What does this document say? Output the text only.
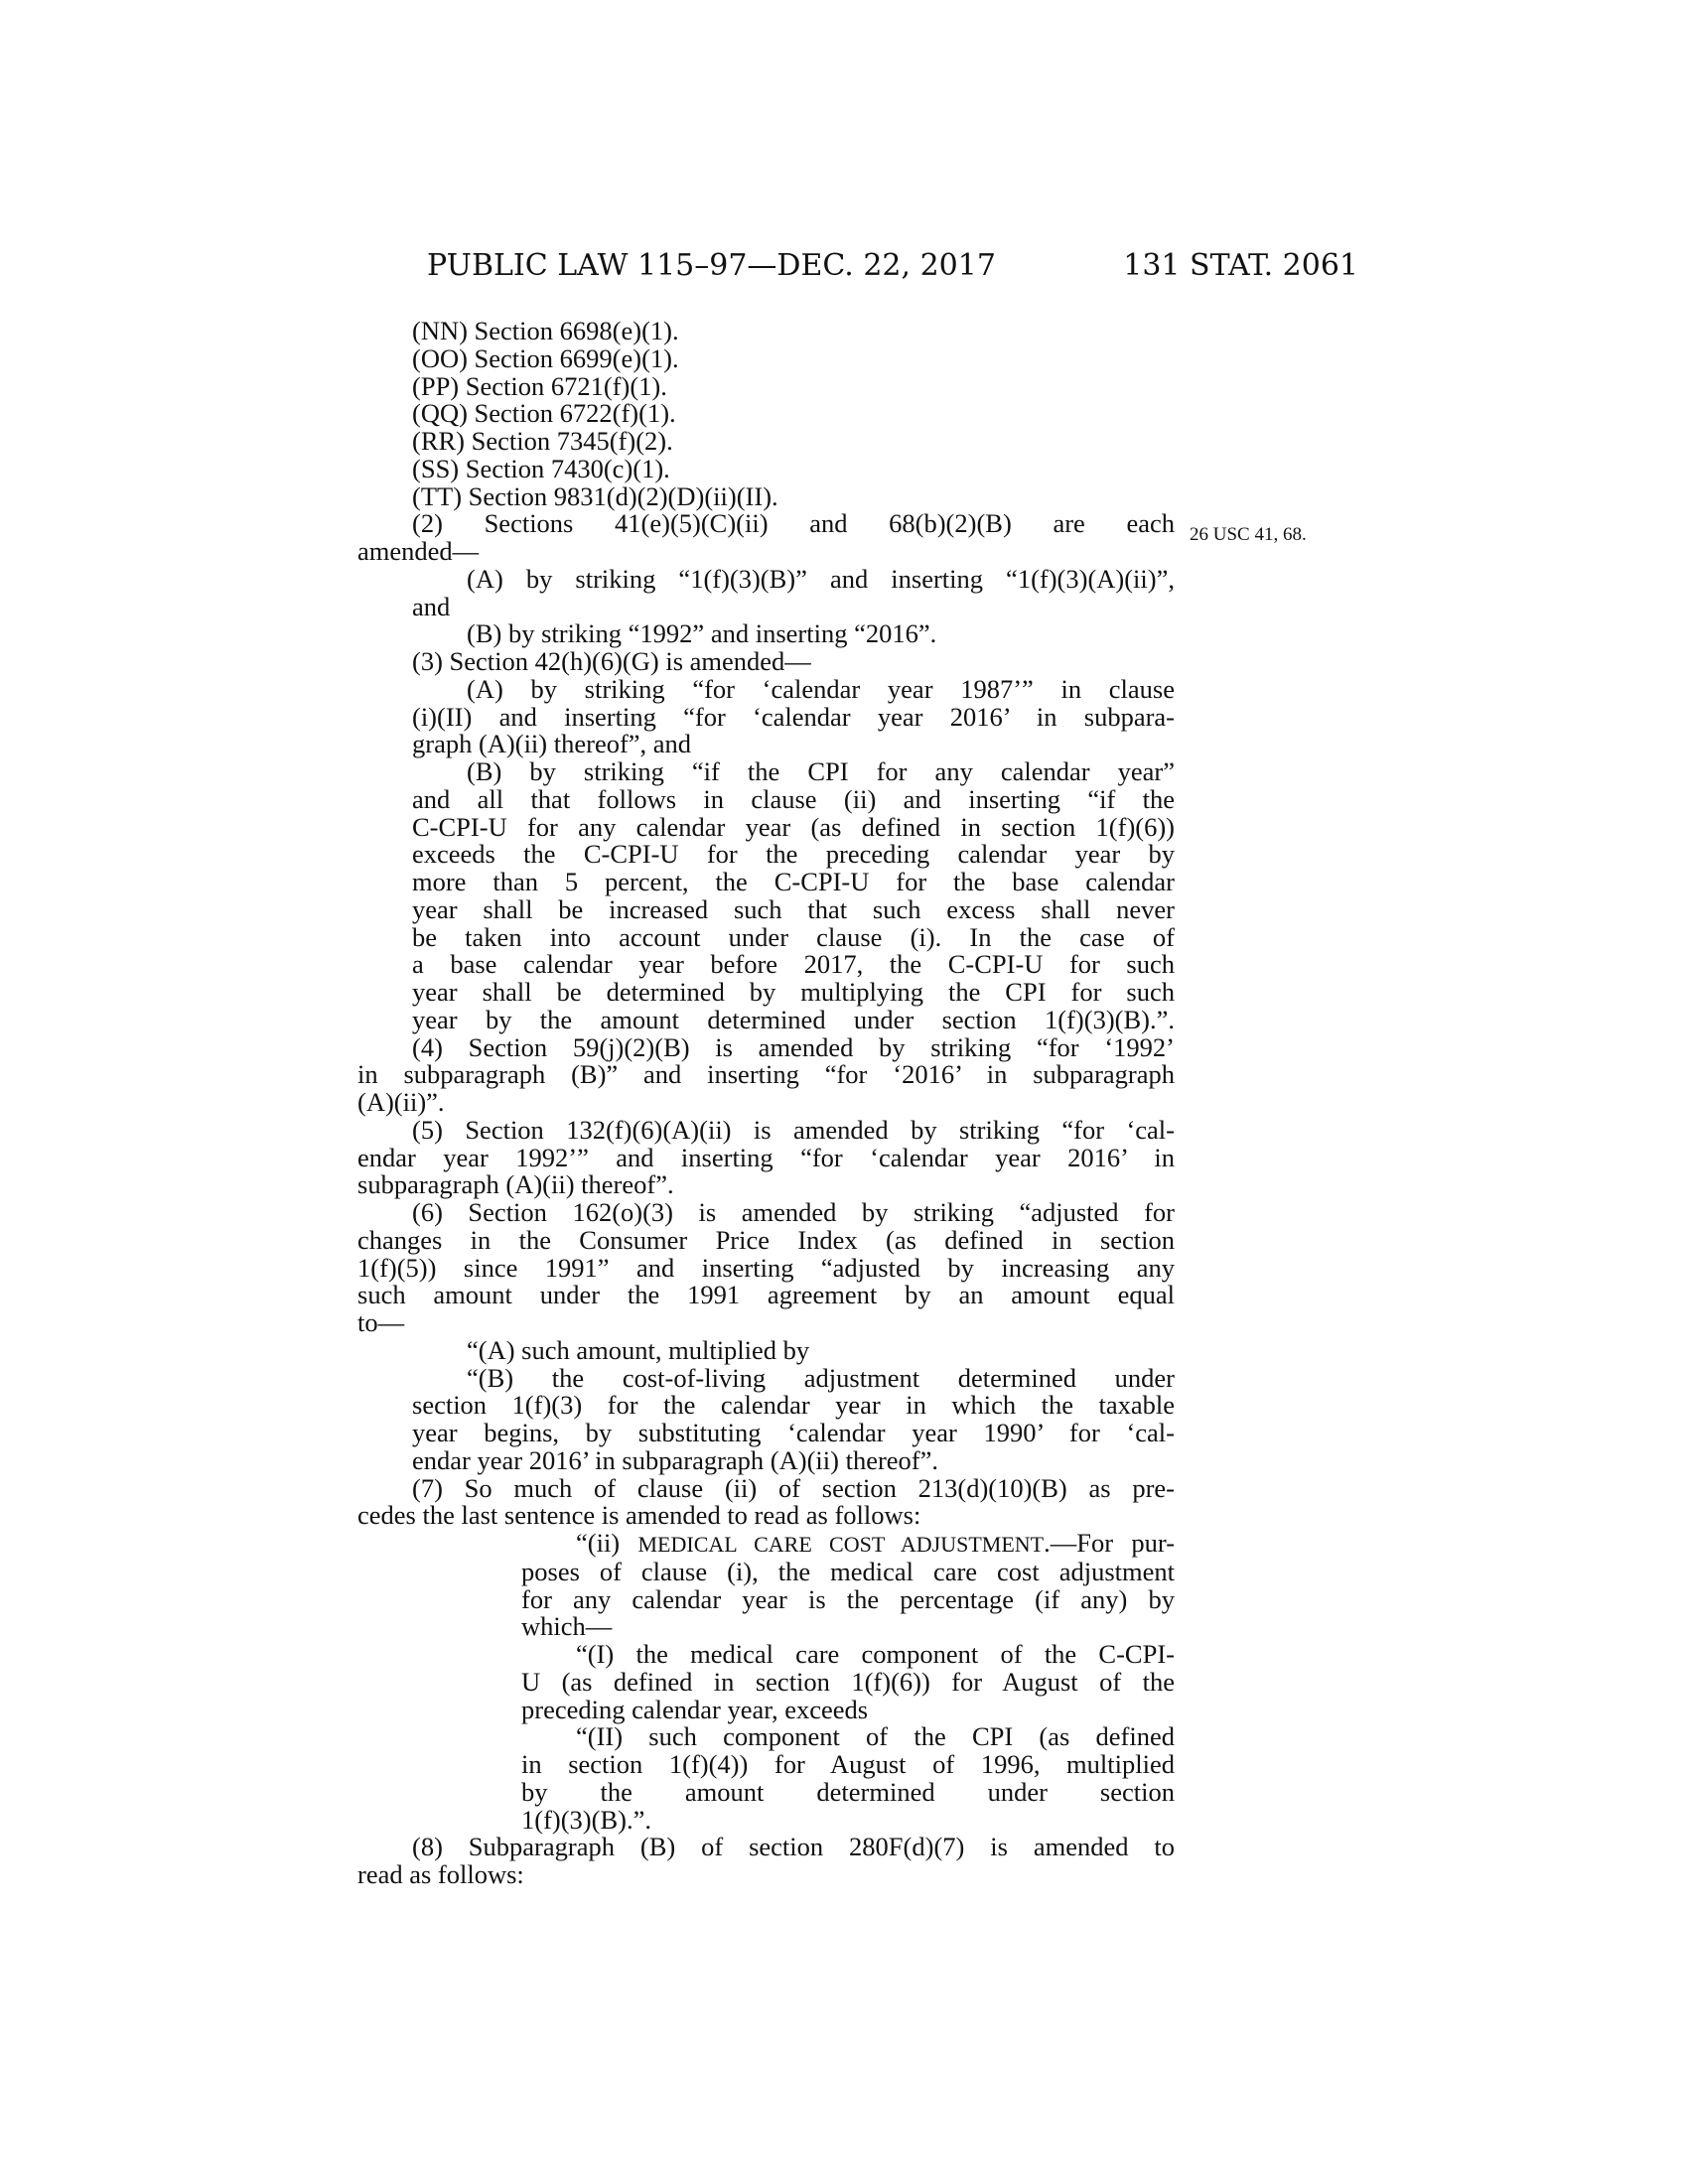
PUBLIC LAW 115–97—DEC. 22, 2017	131 STAT. 2061
26 USC 41, 68.
(NN) Section 6698(e)(1).
(OO) Section 6699(e)(1).
(PP) Section 6721(f)(1).
(QQ) Section 6722(f)(1).
(RR) Section 7345(f)(2).
(SS) Section 7430(c)(1).
(TT) Section 9831(d)(2)(D)(ii)(II).
(2) Sections 41(e)(5)(C)(ii) and 68(b)(2)(B) are each
amended—
(A) by striking “1(f)(3)(B)” and inserting “1(f)(3)(A)(ii)”,
and
(B) by striking “1992” and inserting “2016”.
(3) Section 42(h)(6)(G) is amended—
(A) by striking “for ‘calendar year 1987’” in clause
(i)(II) and inserting “for ‘calendar year 2016’ in subpara-
graph (A)(ii) thereof”, and
(B) by striking “if the CPI for any calendar year”
and all that follows in clause (ii) and inserting “if the
C-CPI-U for any calendar year (as defined in section 1(f)(6))
exceeds the C-CPI-U for the preceding calendar year by
more than 5 percent, the C-CPI-U for the base calendar
year shall be increased such that such excess shall never
be taken into account under clause (i). In the case of
a base calendar year before 2017, the C-CPI-U for such
year shall be determined by multiplying the CPI for such
year by the amount determined under section 1(f)(3)(B).”.
(4) Section 59(j)(2)(B) is amended by striking “for ‘1992’
in subparagraph (B)” and inserting “for ‘2016’ in subparagraph
(A)(ii)”.
(5) Section 132(f)(6)(A)(ii) is amended by striking “for ‘cal-
endar year 1992’” and inserting “for ‘calendar year 2016’ in
subparagraph (A)(ii) thereof”.
(6) Section 162(o)(3) is amended by striking “adjusted for
changes in the Consumer Price Index (as defined in section
1(f)(5)) since 1991” and inserting “adjusted by increasing any
such amount under the 1991 agreement by an amount equal
to—
“(A) such amount, multiplied by
“(B) the cost-of-living adjustment determined under
section 1(f)(3) for the calendar year in which the taxable
year begins, by substituting ‘calendar year 1990’ for ‘cal-
endar year 2016’ in subparagraph (A)(ii) thereof”.
(7) So much of clause (ii) of section 213(d)(10)(B) as pre-
cedes the last sentence is amended to read as follows:
“(ii) MEDICAL CARE COST ADJUSTMENT.—For pur-
poses of clause (i), the medical care cost adjustment
for any calendar year is the percentage (if any) by
which—
“(I) the medical care component of the C-CPI-
U (as defined in section 1(f)(6)) for August of the
preceding calendar year, exceeds
“(II) such component of the CPI (as defined
in section 1(f)(4)) for August of 1996, multiplied
by the amount determined under section
1(f)(3)(B).”.
(8) Subparagraph (B) of section 280F(d)(7) is amended to
read as follows:
